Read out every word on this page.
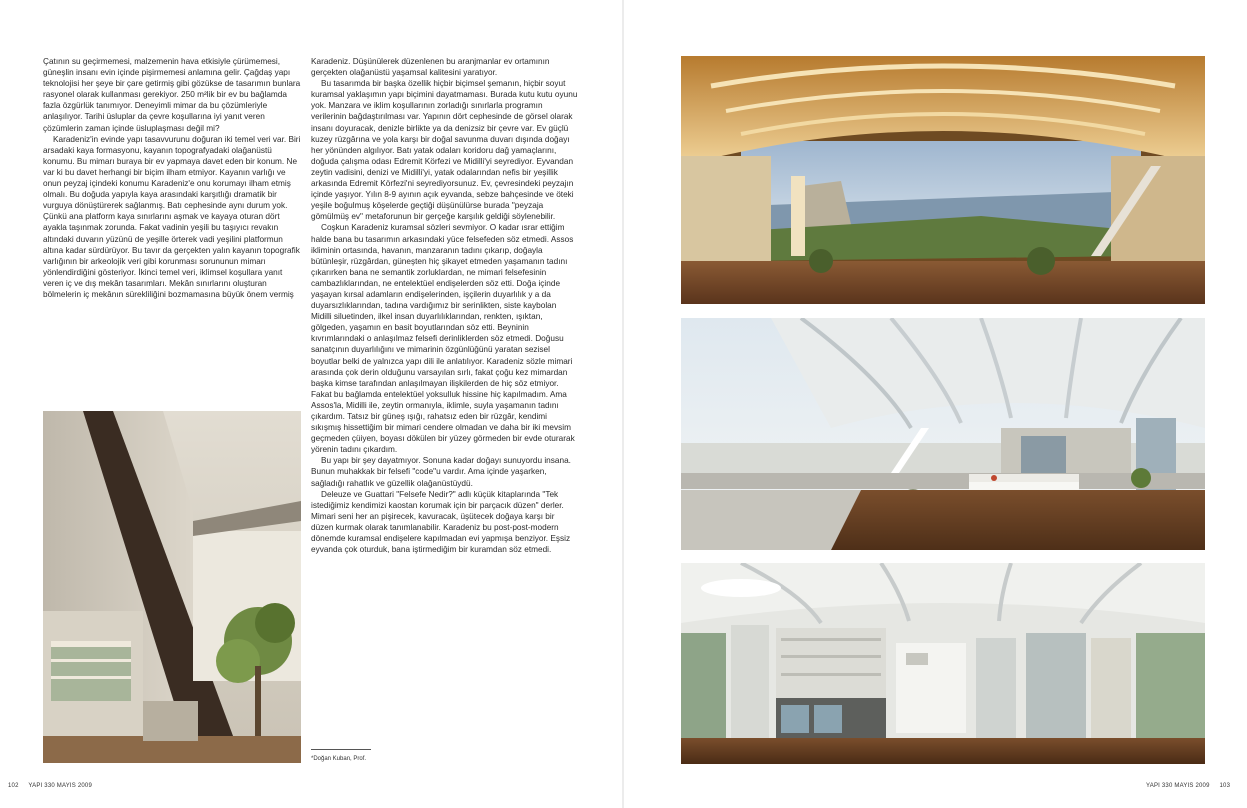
Çatının su geçirmemesi, malzemenin hava etkisiyle çürümemesi, güneşlin insanı evin içinde pişirmemesi anlamına gelir. Çağdaş yapı teknolojisi her şeye bir çare getirmiş gibi gözükse de tasarımın bunlara rasyonel olarak kullanması gerekiyor. 250 m²lik bir ev bu bağlamda fazla özgürlük tanımıyor. Deneyimli mimar da bu çözümleriyle anlaşılıyor. Tarihi üsluplar da çevre koşullarına iyi yanıt veren çözümlerin zaman içinde üsluplaşması değil mi?

Karadeniz'in evinde yapı tasavvurunu doğuran iki temel veri var. Biri arsadaki kaya formasyonu, kayanın topografyadaki olağanüstü konumu. Bu mimarı buraya bir ev yapmaya davet eden bir konum. Ne var ki bu davet herhangi bir biçim ilham etmiyor. Kayanın varlığı ve onun peyzaj içindeki konumu Karadeniz'e onu korumayı ilham etmiş olmalı. Bu doğuda yapıyla kaya arasındaki karşıtlığı dramatik bir vurguya dönüştürerek sağlanmış. Batı cephesinde aynı durum yok. Çünkü ana platform kaya sınırlarını aşmak ve kayaya oturan dört ayakla taşınmak zorunda. Fakat vadinin yeşili bu taşıyıcı revakın altındaki duvarın yüzünü de yeşille örterek vadi yeşilini platformun altına kadar sürdürüyor. Bu tavır da gerçekten yalın kayanın topografik varlığının bir arkeolojik veri gibi korunması sorununun mimarı yönlendirdiğini gösteriyor. İkinci temel veri, iklimsel koşullara yanıt veren iç ve dış mekân tasarımları. Mekân sınırlarını oluşturan bölmelerin iç mekânın sürekliliğini bozmamasına büyük önem vermiş

Karadeniz. Düşünülerek düzenlenen bu aranjmanlar ev ortamının gerçekten olağanüstü yaşamsal kalitesini yaratıyor.

Bu tasarımda bir başka özellik hiçbir biçimsel şemanın, hiçbir soyut kuramsal yaklaşımın yapı biçimini dayatmaması. Burada kutu kutu oyunu yok. Manzara ve iklim koşullarının zorladığı sınırlarla programın verilerinin bağdaştırılması var. Yapının dört cephesinde de görsel olarak insanı doyuracak, denizle birlikte ya da denizsiz bir çevre var. Ev güçlü kuzey rüzgârına ve yola karşı bir doğal savunma duvarı dışında doğayı her yönünden algılıyor. Batı yatak odaları koridoru dağ yamaçlarını, doğuda çalışma odası Edremit Körfezi ve Midilli'yi seyrediyor. Eyvandan zeytin vadisini, denizi ve Midilli'yi, yatak odalarından nefis bir yeşillik arkasında Edremit Körfezi'ni seyrediyorsunuz. Ev, çevresindeki peyzajın içinde yaşıyor. Yılın 8-9 ayının açık eyvanda, sebze bahçesinde ve öteki yeşile boğulmuş köşelerde geçtiği düşünülürse burada "peyzaja gömülmüş ev" metaforunun bir gerçeğe karşılık geldiği söylenebilir.

Coşkun Karadeniz kuramsal sözleri sevmiyor. O kadar ısrar ettiğim halde bana bu tasarımın arkasındaki yüce felsefeden söz etmedi. Assos ikliminin ortasında, havanın, manzaranın tadını çıkarıp, doğayla bütünleşir, rüzgârdan, güneşten hiç şikayet etmeden yaşamanın tadını çıkarırken bana ne semantik zorluklardan, ne mimari felsefesinin cambazlıklarından, ne entelektüel endişelerden söz etti. Doğa içinde yaşayan kırsal adamların endişelerinden, işçilerin duyarlılık y a da duyarsızlıklarından, tadına vardığımız bir serinlikten, siste kaybolan Midilli siluetinden, ilkel insan duyarlılıklarından, renkten, ışıktan, gölgeden, yaşamın en basit boyutlarından söz etti. Beyninin kıvrımlarındaki o anlaşılmaz felsefi derinliklerden söz etmedi. Doğusu sanatçının duyarlılığını ve mimarinin özgünlüğünü yaratan sezisel boyutlar belki de yalnızca yapı dili ile anlatılıyor. Karadeniz sözle mimari arasında çok derin olduğunu varsayılan sırlı, fakat çoğu kez mimardan başka kimse tarafından anlaşılmayan ilişkilerden de hiç söz etmiyor. Fakat bu bağlamda entelektüel yoksulluk hissine hiç kapılmadım. Ama Assos'la, Midilli ile, zeytin ormanıyla, iklimle, suyla yaşamanın tadını çıkardım. Tatsız bir güneş ışığı, rahatsız eden bir rüzgâr, kendimi sıkışmış hissettiğim bir mimari cendere olmadan ve daha bir iki mevsim geçmeden çüiyen, boyası dökülen bir yüzey görmeden bir evde oturarak yörenin tadını çıkardım.

Bu yapı bir şey dayatmıyor. Sonuna kadar doğayı sunuyordu insana. Bunun muhakkak bir felsefi "code"u vardır. Ama içinde yaşarken, sağladığı rahatlık ve güzellik olağanüstüydü.

Deleuze ve Guattari "Felsefe Nedir?" adlı küçük kitaplarında "Tek istediğimiz kendimizi kaostan korumak için bir parçacık düzen" derler. Mimari seni her an pişirecek, kavuracak, üşütecek doğaya karşı bir düzen kurmak olarak tanımlanabilir. Karadeniz bu post-post-modern dönemde kuramsal endişelere kapılmadan evi yapmışa benziyor. Eşsiz eyvanda çok oturduk, bana iştirmediğim bir kuramdan söz etmedi.

*Doğan Kuban, Prof.
102 YAPI 330 MAYIS 2009	YAPI 330 MAYIS 2009 103
